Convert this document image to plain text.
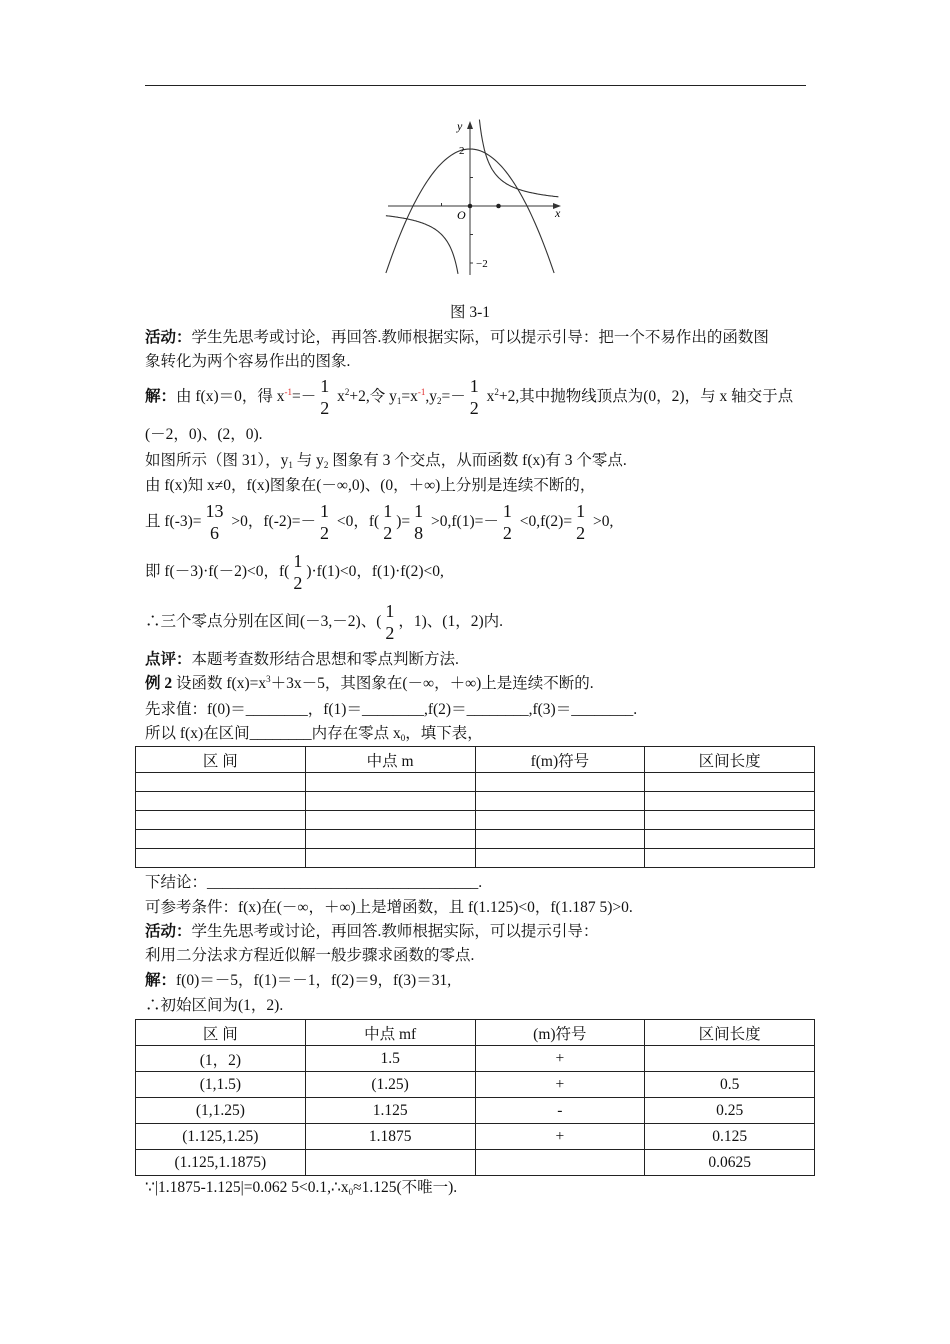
x
y
O
2
−2
图 3-1
活动：学生先思考或讨论，再回答.教师根据实际，可以提示引导：把一个不易作出的函数图
象转化为两个容易作出的图象.
解：由 f(x)＝0，得 $x^{-1}=-$
1
2
$x^2+2$,令 $y_1=x^{-1},y_2=-$
1
2
$x^2+2$,其中抛物线顶点为(0，2)，与 x 轴交于点
(－2，0)、(2，0).
如图所示（图 31），$y_1$ 与 $y_2$ 图象有 3 个交点，从而函数 f(x)有 3 个零点.
由 f(x)知 x≠0，f(x)图象在(－∞,0)、(0，＋∞)上分别是连续不断的，
且 f(-3)=
13
6
>0，f(-2)=－
1
2
<0，f(
1
2
)=
1
8
>0,f(1)=－
1
2
<0,f(2)=
1
2
>0,
即 f(－3)·f(－2)<0，f(
1
2
)·f(1)<0，f(1)·f(2)<0,
∴三个零点分别在区间(－3,－2)、(
1
2
，1)、(1，2)内.
点评：本题考查数形结合思想和零点判断方法.
例 2 设函数 $f(x)=x^3+3x-5$，其图象在(－∞，＋∞)上是连续不断的.
先求值：f(0)＝________，f(1)＝________,f(2)＝________,f(3)＝________.
所以 f(x)在区间________内存在零点 $x_0$，填下表，
区 间	中点 m	f(m)符号	区间长度

下结论：___________________________________.
可参考条件：f(x)在(－∞，＋∞)上是增函数，且 f(1.125)<0，f(1.187 5)>0.
活动：学生先思考或讨论，再回答.教师根据实际，可以提示引导：
利用二分法求方程近似解一般步骤求函数的零点.
解：f(0)＝－5，f(1)＝－1，f(2)＝9，f(3)＝31,
∴初始区间为(1，2).
区 间	中点 mf	(m)符号	区间长度
(1，2)	1.5	+	
(1,1.5)	(1.25)	+	0.5
(1,1.25)	1.125	-	0.25
(1.125,1.25)	1.1875	+	0.125
(1.125,1.1875)			0.0625
∵|1.1875-1.125|=0.062 $5<0.1,\therefore x_0\approx 1.125$(不唯一).
